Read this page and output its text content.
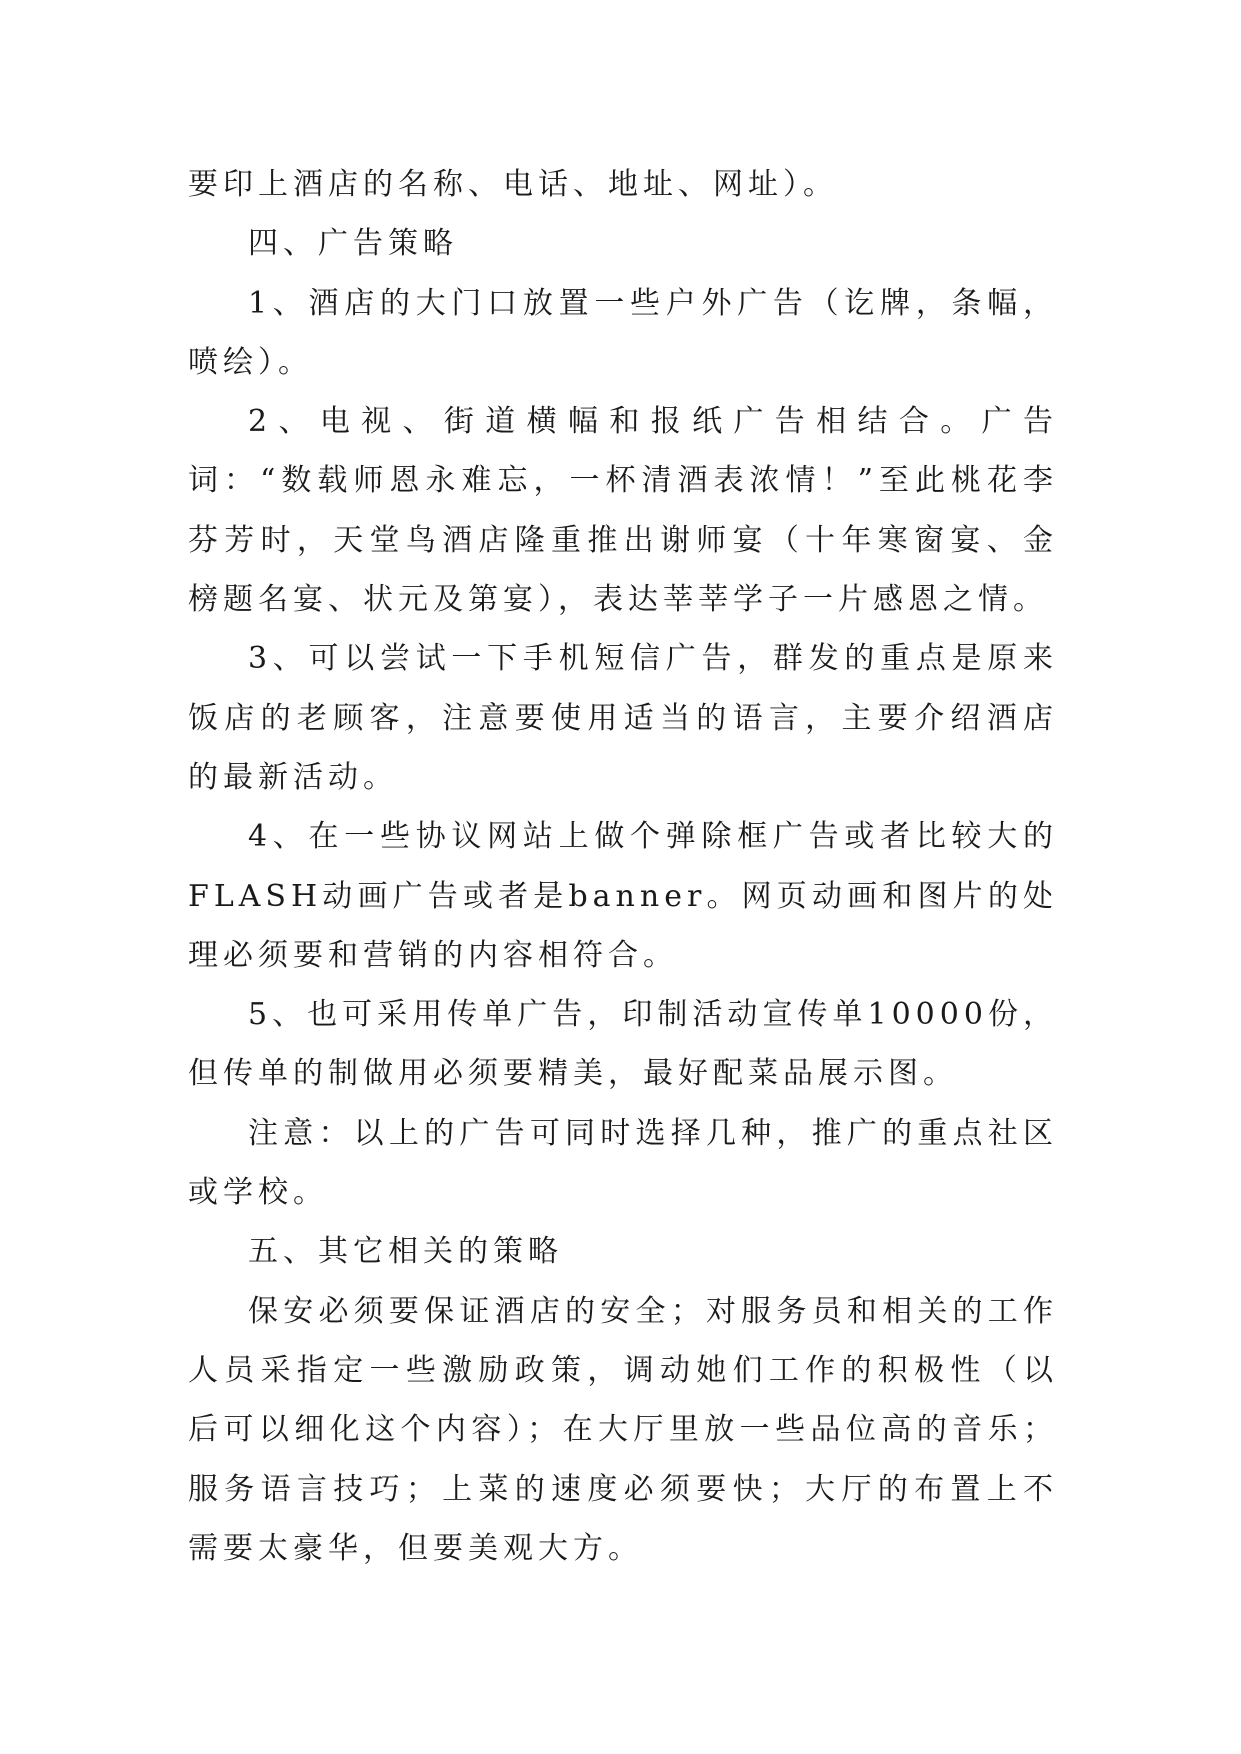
要印上酒店的名称、电话、地址、网址）。

四、广告策略

1、酒店的大门口放置一些户外广告（讫牌，条幅，喷绘）。

2、电视、街道横幅和报纸广告相结合。广告词：“数载师恩永难忘，一杯清酒表浓情！”至此桃花李芬芳时，天堂鸟酒店隆重推出谢师宴（十年寒窗宴、金榜题名宴、状元及第宴），表达莘莘学子一片感恩之情。

3、可以尝试一下手机短信广告，群发的重点是原来饭店的老顾客，注意要使用适当的语言，主要介绍酒店的最新活动。

4、在一些协议网站上做个弹除框广告或者比较大的FLASH动画广告或者是banner。网页动画和图片的处理必须要和营销的内容相符合。

5、也可采用传单广告，印制活动宣传单10000份，但传单的制做用必须要精美，最好配菜品展示图。

注意：以上的广告可同时选择几种，推广的重点社区或学校。

五、其它相关的策略

保安必须要保证酒店的安全；对服务员和相关的工作人员采指定一些激励政策，调动她们工作的积极性（以后可以细化这个内容）；在大厅里放一些品位高的音乐；服务语言技巧；上菜的速度必须要快；大厅的布置上不需要太豪华，但要美观大方。
